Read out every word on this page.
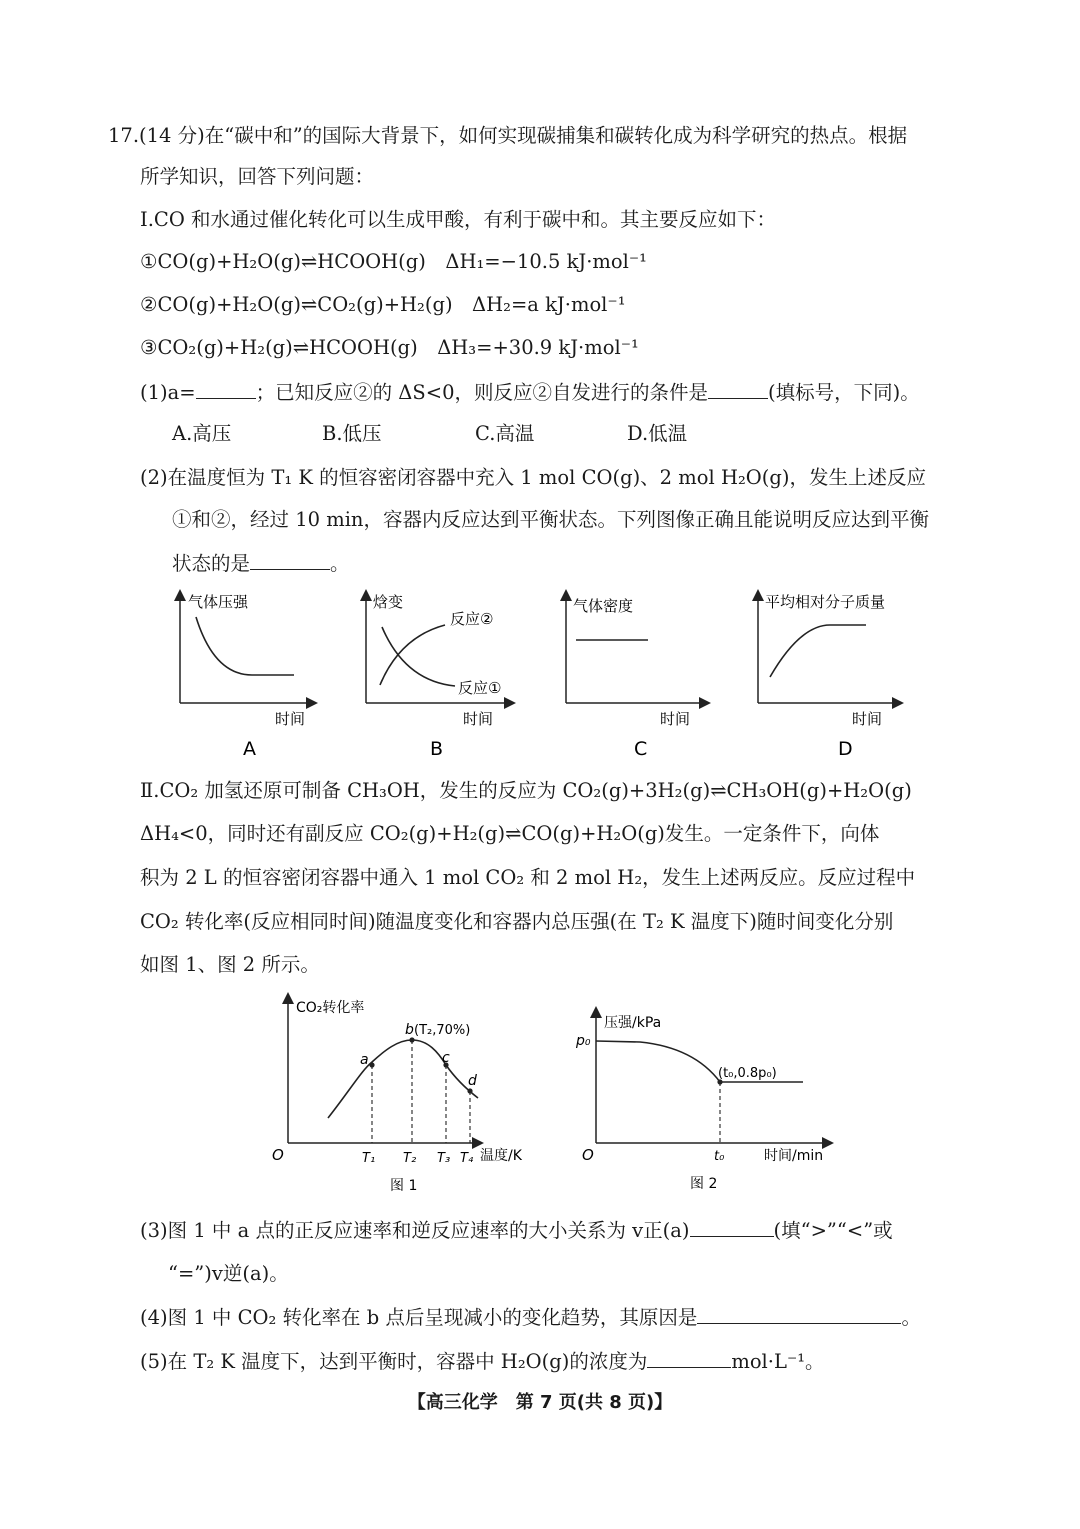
17.(14 分)在“碳中和”的国际大背景下，如何实现碳捕集和碳转化成为科学研究的热点。根据
所学知识，回答下列问题：
Ⅰ.CO 和水通过催化转化可以生成甲酸，有利于碳中和。其主要反应如下：
①CO(g)+H₂O(g)⇌HCOOH(g)　ΔH₁=−10.5 kJ·mol⁻¹
②CO(g)+H₂O(g)⇌CO₂(g)+H₂(g)　ΔH₂=a kJ·mol⁻¹
③CO₂(g)+H₂(g)⇌HCOOH(g)　ΔH₃=+30.9 kJ·mol⁻¹
(1)a=	；已知反应②的 ΔS<0，则反应②自发进行的条件是	(填标号，下同)。
A.高压	B.低压	C.高温	D.低温
(2)在温度恒为 T₁ K 的恒容密闭容器中充入 1 mol CO(g)、2 mol H₂O(g)，发生上述反应
①和②，经过 10 min，容器内反应达到平衡状态。下列图像正确且能说明反应达到平衡
状态的是	。
气体压强
时间
A
焓变
反应②
反应①
时间
B
气体密度
时间
C
平均相对分子质量
时间
D
Ⅱ.CO₂ 加氢还原可制备 CH₃OH，发生的反应为 CO₂(g)+3H₂(g)⇌CH₃OH(g)+H₂O(g)
ΔH₄<0，同时还有副反应 CO₂(g)+H₂(g)⇌CO(g)+H₂O(g)发生。一定条件下，向体
积为 2 L 的恒容密闭容器中通入 1 mol CO₂ 和 2 mol H₂，发生上述两反应。反应过程中
CO₂ 转化率(反应相同时间)随温度变化和容器内总压强(在 T₂ K 温度下)随时间变化分别
如图 1、图 2 所示。
CO₂转化率
a
b (T₂,70%)
c
d
O	T₁ T₂ T₃ T₄ 温度/K
图 1
压强/kPa
p₀
(t₀,0.8p₀)
O	t₀	时间/min
图 2
(3)图 1 中 a 点的正反应速率和逆反应速率的大小关系为 v正(a)	(填“>”“<”或
“=”)v逆(a)。
(4)图 1 中 CO₂ 转化率在 b 点后呈现减小的变化趋势，其原因是	。
(5)在 T₂ K 温度下，达到平衡时，容器中 H₂O(g)的浓度为	mol·L⁻¹。
【高三化学　第 7 页(共 8 页)】
